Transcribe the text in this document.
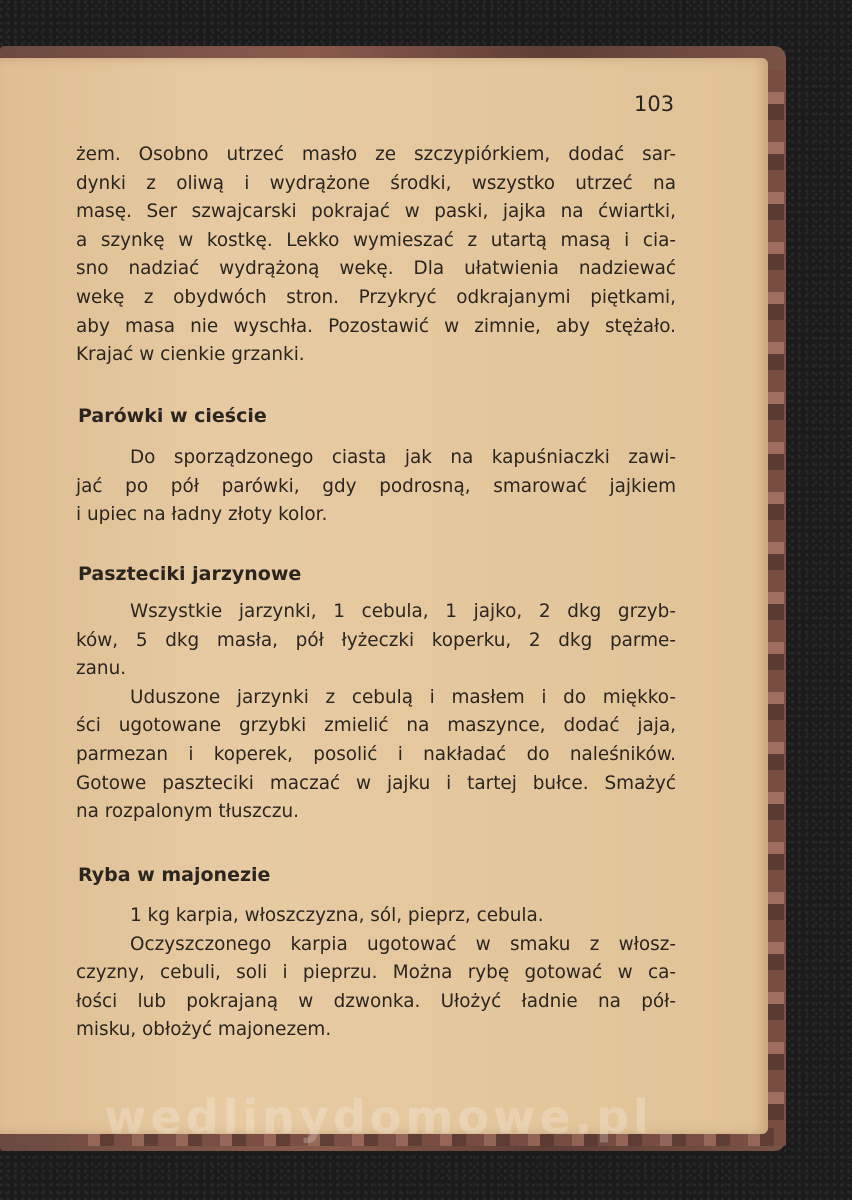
103
żem. Osobno utrzeć masło ze szczypiórkiem, dodać sar-
dynki z oliwą i wydrążone środki, wszystko utrzeć na
masę. Ser szwajcarski pokrajać w paski, jajka na ćwiartki,
a szynkę w kostkę. Lekko wymieszać z utartą masą i cia-
sno nadziać wydrążoną wekę. Dla ułatwienia nadziewać
wekę z obydwóch stron. Przykryć odkrajanymi piętkami,
aby masa nie wyschła. Pozostawić w zimnie, aby stężało.
Krajać w cienkie grzanki.
Parówki w cieście
Do sporządzonego ciasta jak na kapuśniaczki zawi-
jać po pół parówki, gdy podrosną, smarować jajkiem
i upiec na ładny złoty kolor.
Paszteciki jarzynowe
Wszystkie jarzynki, 1 cebula, 1 jajko, 2 dkg grzyb-
ków, 5 dkg masła, pół łyżeczki koperku, 2 dkg parme-
zanu.
Uduszone jarzynki z cebulą i masłem i do miękko-
ści ugotowane grzybki zmielić na maszynce, dodać jaja,
parmezan i koperek, posolić i nakładać do naleśników.
Gotowe paszteciki maczać w jajku i tartej bułce. Smażyć
na rozpalonym tłuszczu.
Ryba w majonezie
1 kg karpia, włoszczyzna, sól, pieprz, cebula.
Oczyszczonego karpia ugotować w smaku z włosz-
czyzny, cebuli, soli i pieprzu. Można rybę gotować w ca-
łości lub pokrajaną w dzwonka. Ułożyć ładnie na pół-
misku, obłożyć majonezem.
wedlinydomowe.pl
